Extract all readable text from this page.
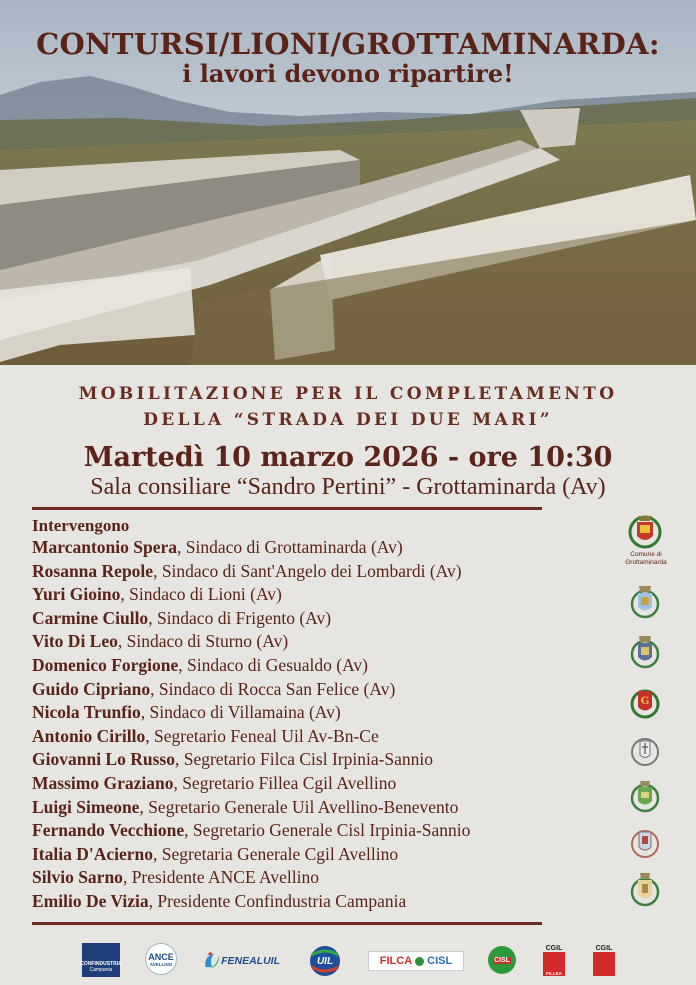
CONTURSI/LIONI/GROTTAMINARDA:
i lavori devono ripartire!
MOBILITAZIONE PER IL COMPLETAMENTO
DELLA “STRADA DEI DUE MARI”
Martedì 10 marzo 2026 - ore 10:30
Sala consiliare “Sandro Pertini” - Grottaminarda (Av)
Intervengono
Marcantonio Spera, Sindaco di Grottaminarda (Av)
Rosanna Repole, Sindaco di Sant'Angelo dei Lombardi (Av)
Yuri Gioino, Sindaco di Lioni (Av)
Carmine Ciullo, Sindaco di Frigento (Av)
Vito Di Leo, Sindaco di Sturno (Av)
Domenico Forgione, Sindaco di Gesualdo (Av)
Guido Cipriano, Sindaco di Rocca San Felice (Av)
Nicola Trunfio, Sindaco di Villamaina (Av)
Antonio Cirillo, Segretario Feneal Uil Av-Bn-Ce
Giovanni Lo Russo, Segretario Filca Cisl Irpinia-Sannio
Massimo Graziano, Segretario Fillea Cgil Avellino
Luigi Simeone, Segretario Generale Uil Avellino-Benevento
Fernando Vecchione, Segretario Generale Cisl Irpinia-Sannio
Italia D'Acierno, Segretaria Generale Cgil Avellino
Silvio Sarno, Presidente ANCE Avellino
Emilio De Vizia, Presidente Confindustria Campania
Comune di
Grottaminarda
G
CONFINDUSTRIA
Campania
ANCE
AVELLINO	FENEALUIL	UIL	FILCA CISL	CISL
CGIL
FILLEA
CGIL
